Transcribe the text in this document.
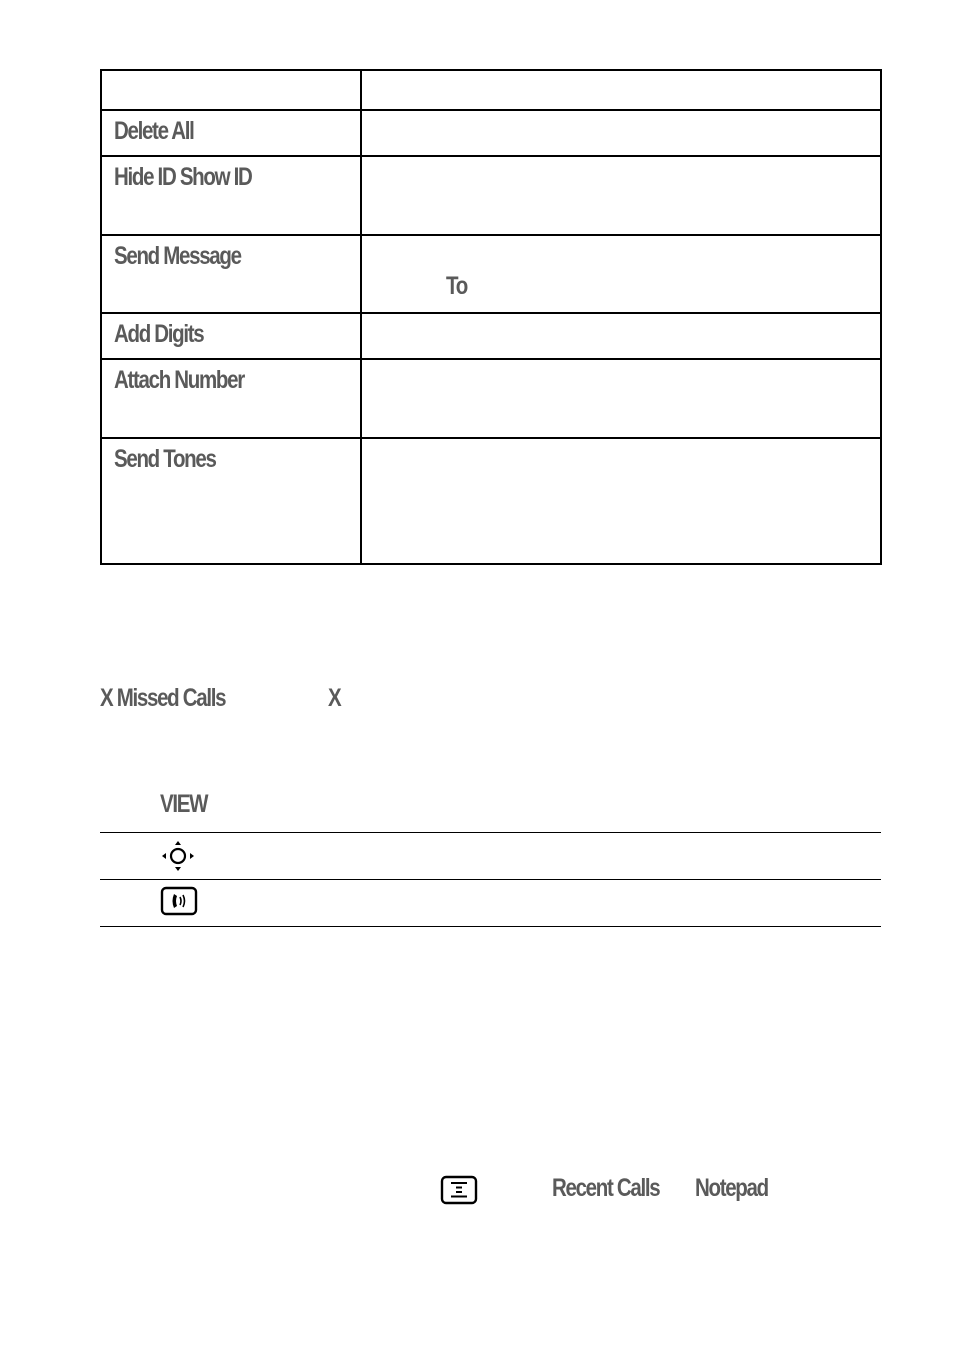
Delete All	

Hide ID Show ID	

Send Message	To

Add Digits	

Attach Number	

Send Tones	

X Missed Calls	X
VIEW
Recent Calls Notepad
